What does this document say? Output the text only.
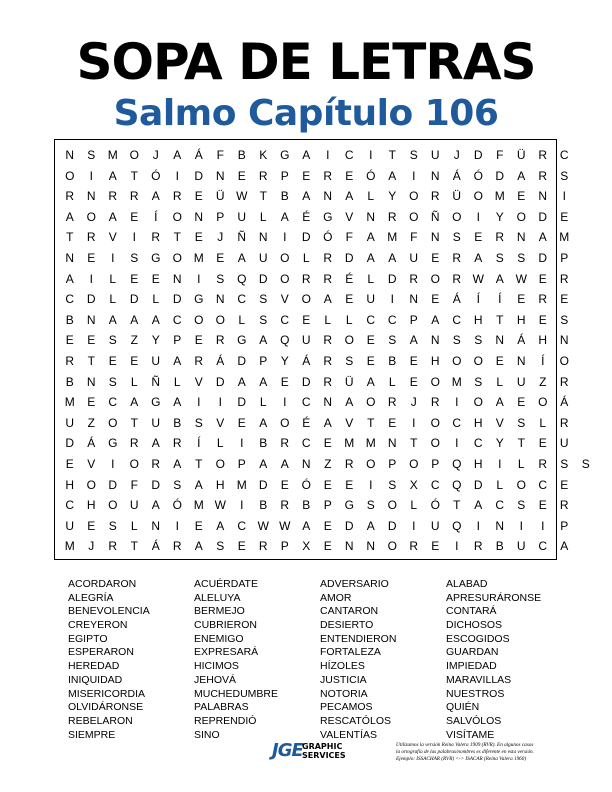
SOPA DE LETRAS
Salmo Capítulo 106
N	S	M O	J	A	Á	F	B	K	G	A	I	C	I	T	S	U	J	D	F	Ü	R	C
O	I	A	T	Ó	I	D	N	E	R	P	E	R	E	Ó	A	I	N	Á	Ó	D	A	R	S
R	N	R	R	A	R	E	Ü W	T	B	A	N	A	L	Y	O	R	Ü	O M	E	N	I
A	O	A	E	Í	O	N	P	U	L	A	É	G	V	N	R	O	Ñ	O	I	Y	O	D	E
T	R	V	I	R	T	E	J	Ñ	N	I	D	Ó	F	A	M	F	N	S	E	R	N	A	M
N	E	I	S	G	O M	E	A	U	O	L	R	D	A	A	U	E	R	A	S	S	D	P
A	I	L	E	E	N	I	S	Q	D	O	R	R	É	L	D	R	O	R W A W E	R
C	D	L	D	L	D	G	N	C	S	V	O	A	E	U	I	N	E	Á	Í	Í	E	R	E
B	N	A	A	A	C	O	O	L	S	C	E	L	L	C	C	P	A	C	H	T	H	E	S
E	E	S	Z	Y	P	E	R	G	A	Q	U	R	O	E	S	A	N	S	S	N	Á	H	N
R	T	E	E	U	A	R	Á	D	P	Y	Á	R	S	E	B	E	H	O	O	E	N	Í	O
B	N	S	L	Ñ	L	V	D	A	A	E	D	R	Ü	A	L	E	O M	S	L	U	Z	R
M	E	C	A	G	A	I	I	D	L	I	C	N	A	O	R	J	R	I	O	A	E	O	Á
U	Z	O	T	U	B	S	V	E	A	O	É	A	V	T	E	I	O	C	H	V	S	L	R
D	Á	G	R	A	R	Í	L	I	B	R	C	E	M M	N	T	O	I	C	Y	T	E	U
E	V	I	O	R	A	T	O	P	A	A	N	Z	R	O	P	O	P	Q	H	I	L	R	S	S
H	O	D	F	D	S	A	H	M	D	E	Ó	E	E	I	S	X	C	Q	D	L	O	C	E
C	H	O	U	A	Ó M W	I	B	R	B	P	G	S	O	L	Ó	T	A	C	S	E	R
U	E	S	L	N	I	E	A	C W W A	E	D	A	D	I	U	Q	I	N	I	I	P
M	J	R	T	Á	R	A	S	E	R	P	X	E	N	N	O	R	E	I	R	B	U	C	A
ACORDARON
ALEGRÍA
BENEVOLENCIA
CREYERON
EGIPTO
ESPERARON
HEREDAD
INIQUIDAD
MISERICORDIA
OLVIDÁRONSE
REBELARON
SIEMPRE
ACUÉRDATE
ALELUYA
BERMEJO
CUBRIERON
ENEMIGO
EXPRESARÁ
HICIMOS
JEHOVÁ
MUCHEDUMBRE
PALABRAS
REPRENDIÓ
SINO
ADVERSARIO
AMOR
CANTARON
DESIERTO
ENTENDIERON
FORTALEZA
HÍZOLES
JUSTICIA
NOTORIA
PECAMOS
RESCATÓLOS
VALENTÍAS
ALABAD
APRESURÁRONSE
CONTARÁ
DICHOSOS
ESCOGIDOS
GUARDAN
IMPIEDAD
MARAVILLAS
NUESTROS
QUIÉN
SALVÓLOS
VISÍTAME
JGE GRAPHIC
SERVICES
Utilizamos la versión Reina Valera 1909 (RVR). En algunos casos
la ortografía de las palabras/nombres es diferente en esta versión.
Ejemplo: ISSACHAR (RVR) <-> ISACAR (Reina Valera 1960)
